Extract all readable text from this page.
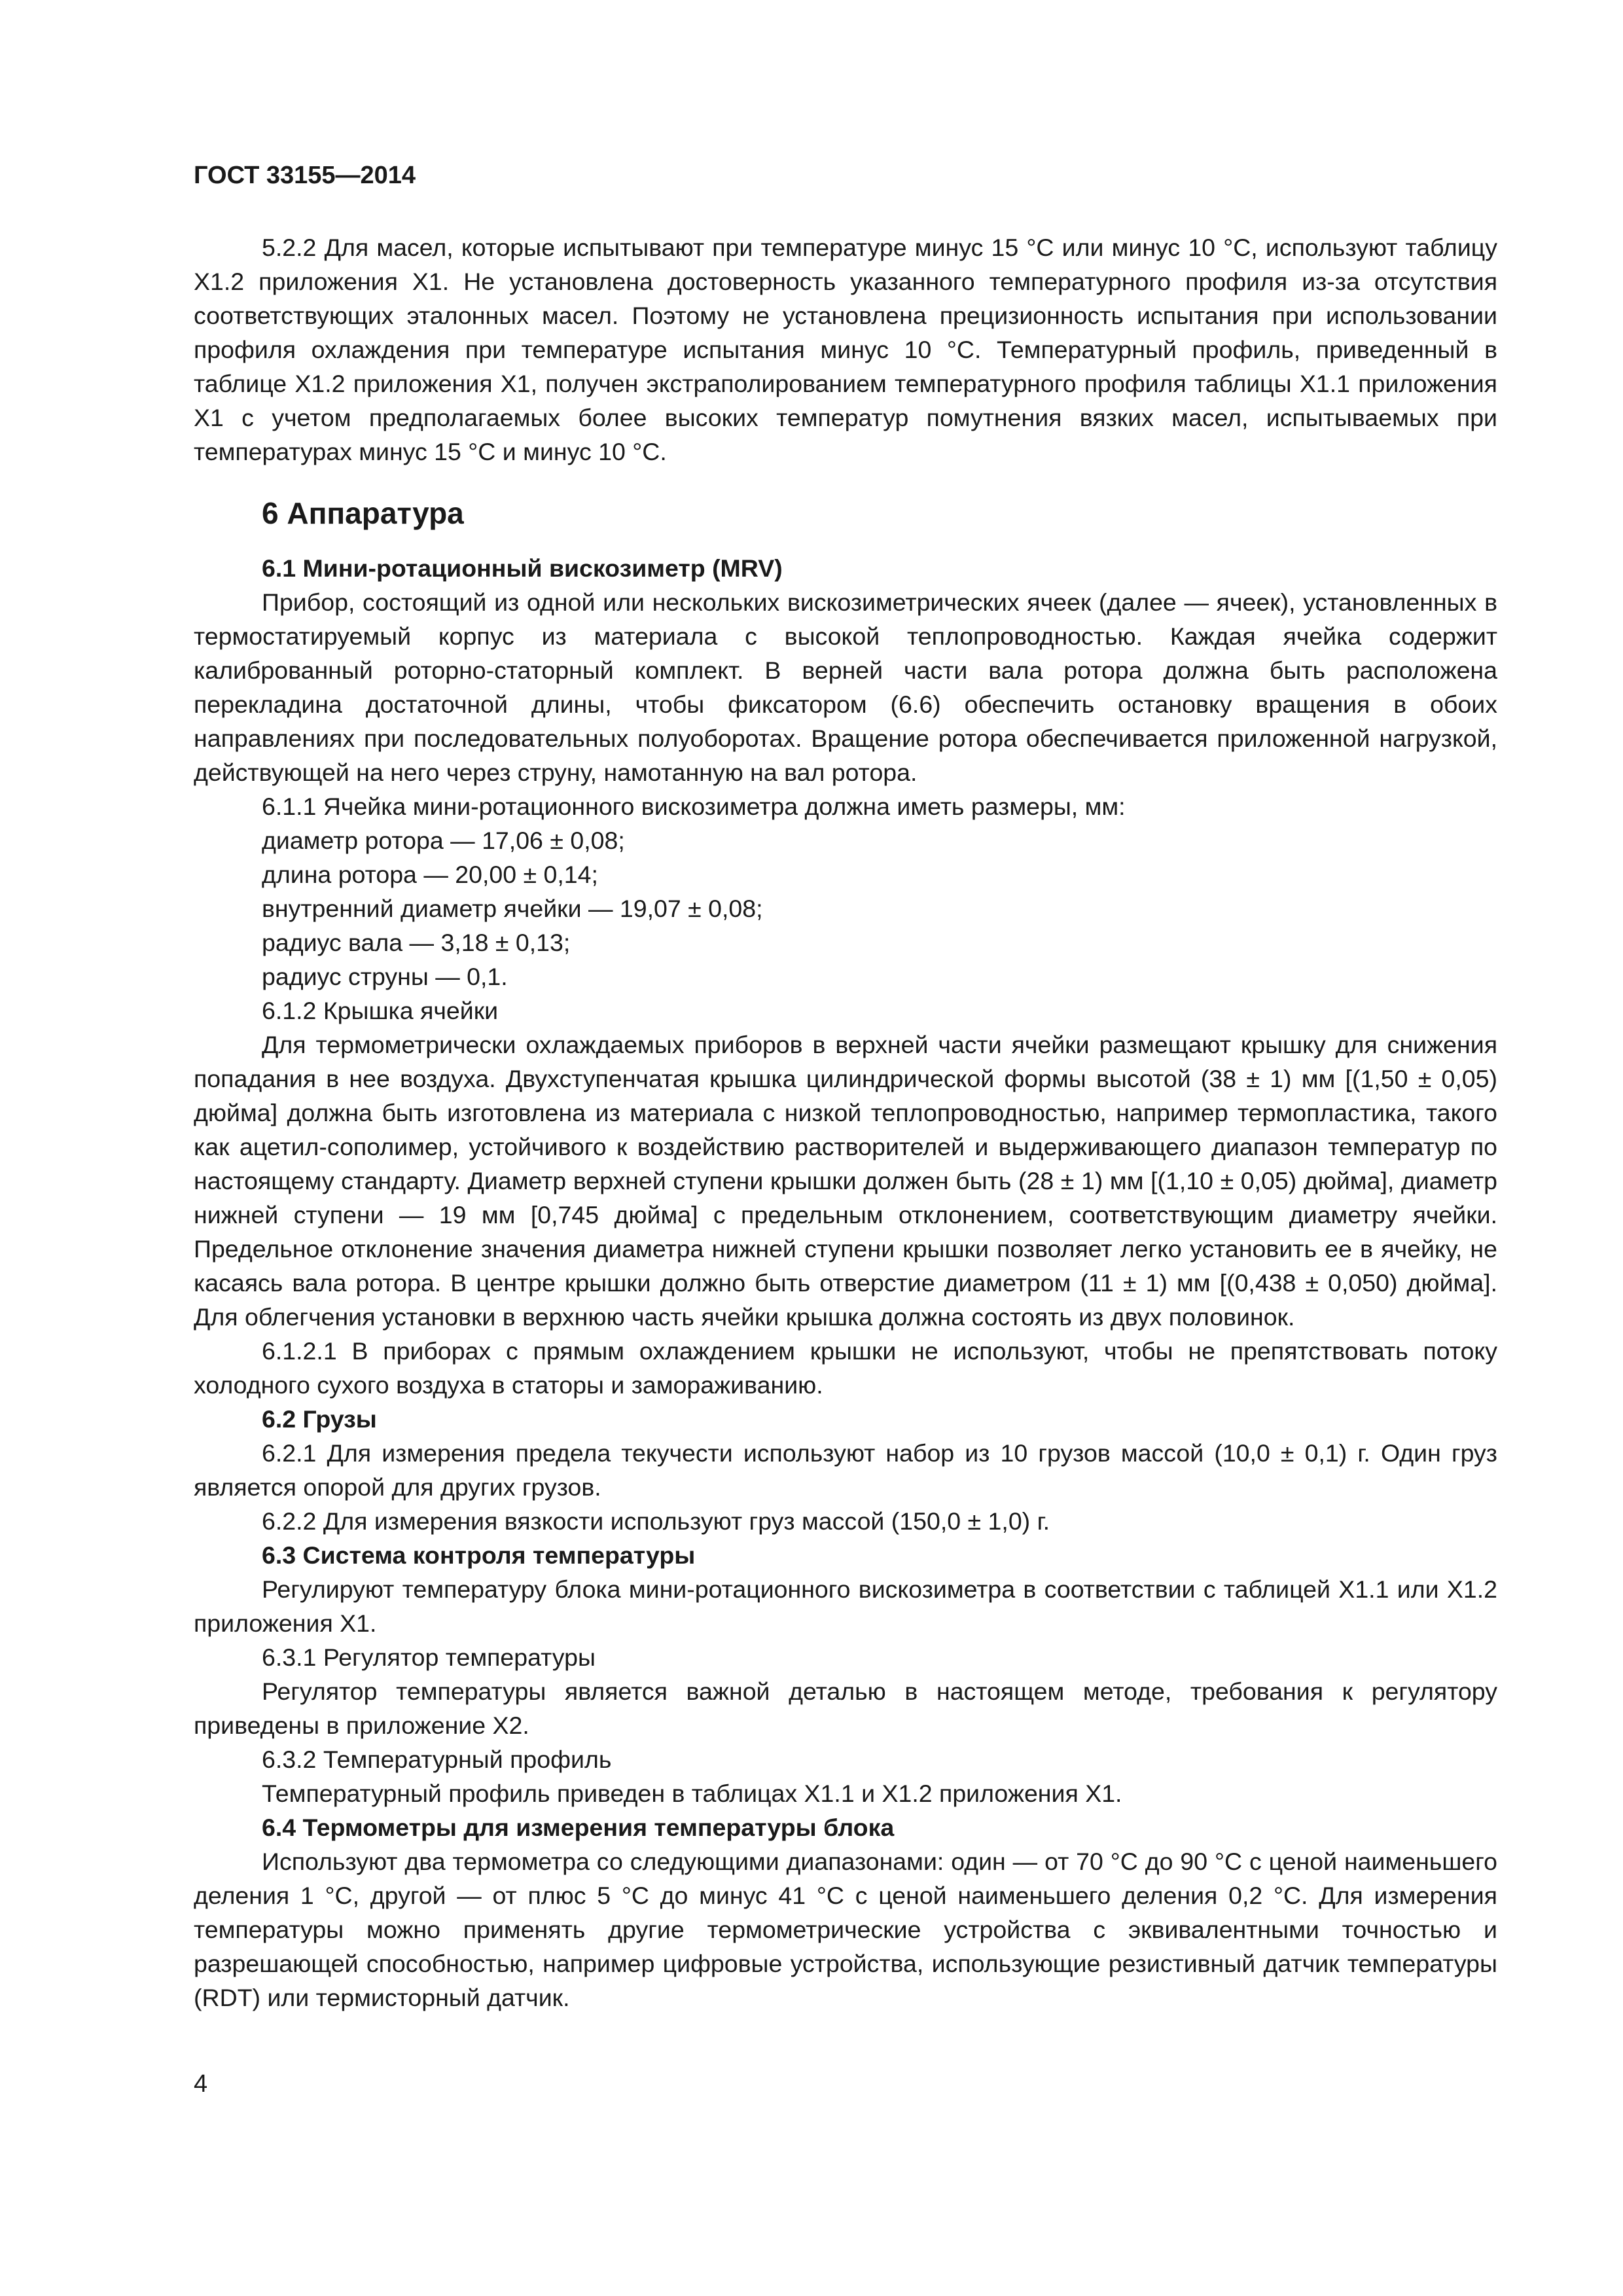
ГОСТ 33155—2014

5.2.2 Для масел, которые испытывают при температуре минус 15 °С или минус 10 °С, используют таблицу Х1.2 приложения Х1. Не установлена достоверность указанного температурного профиля из-за отсутствия соответствующих эталонных масел. Поэтому не установлена прецизионность испытания при использовании профиля охлаждения при температуре испытания минус 10 °С. Температурный профиль, приведенный в таблице Х1.2 приложения Х1, получен экстраполированием температурного профиля таблицы Х1.1 приложения Х1 с учетом предполагаемых более высоких температур помутнения вязких масел, испытываемых при температурах минус 15 °С и минус 10 °С.

6 Аппаратура

6.1 Мини-ротационный вискозиметр (MRV)

Прибор, состоящий из одной или нескольких вискозиметрических ячеек (далее — ячеек), установленных в термостатируемый корпус из материала с высокой теплопроводностью. Каждая ячейка содержит калиброванный роторно-статорный комплект. В верней части вала ротора должна быть расположена перекладина достаточной длины, чтобы фиксатором (6.6) обеспечить остановку вращения в обоих направлениях при последовательных полуоборотах. Вращение ротора обеспечивается приложенной нагрузкой, действующей на него через струну, намотанную на вал ротора.

6.1.1 Ячейка мини-ротационного вискозиметра должна иметь размеры, мм:

диаметр ротора — 17,06 ± 0,08;

длина ротора — 20,00 ± 0,14;

внутренний диаметр ячейки — 19,07 ± 0,08;

радиус вала — 3,18 ± 0,13;

радиус струны — 0,1.

6.1.2 Крышка ячейки

Для термометрически охлаждаемых приборов в верхней части ячейки размещают крышку для снижения попадания в нее воздуха. Двухступенчатая крышка цилиндрической формы высотой (38 ± 1) мм [(1,50 ± 0,05) дюйма] должна быть изготовлена из материала с низкой теплопроводностью, например термопластика, такого как ацетил-сополимер, устойчивого к воздействию растворителей и выдерживающего диапазон температур по настоящему стандарту. Диаметр верхней ступени крышки должен быть (28 ± 1) мм [(1,10 ± 0,05) дюйма], диаметр нижней ступени — 19 мм [0,745 дюйма] с предельным отклонением, соответствующим диаметру ячейки. Предельное отклонение значения диаметра нижней ступени крышки позволяет легко установить ее в ячейку, не касаясь вала ротора. В центре крышки должно быть отверстие диаметром (11 ± 1) мм [(0,438 ± 0,050) дюйма]. Для облегчения установки в верхнюю часть ячейки крышка должна состоять из двух половинок.

6.1.2.1 В приборах с прямым охлаждением крышки не используют, чтобы не препятствовать потоку холодного сухого воздуха в статоры и замораживанию.

6.2 Грузы

6.2.1 Для измерения предела текучести используют набор из 10 грузов массой (10,0 ± 0,1) г. Один груз является опорой для других грузов.

6.2.2 Для измерения вязкости используют груз массой (150,0 ± 1,0) г.

6.3 Система контроля температуры

Регулируют температуру блока мини-ротационного вискозиметра в соответствии с таблицей Х1.1 или Х1.2 приложения Х1.

6.3.1 Регулятор температуры

Регулятор температуры является важной деталью в настоящем методе, требования к регулятору приведены в приложение Х2.

6.3.2 Температурный профиль

Температурный профиль приведен в таблицах Х1.1 и Х1.2 приложения Х1.

6.4 Термометры для измерения температуры блока

Используют два термометра со следующими диапазонами: один — от 70 °С до 90 °С с ценой наименьшего деления 1 °С, другой — от плюс 5 °С до минус 41 °С с ценой наименьшего деления 0,2 °С. Для измерения температуры можно применять другие термометрические устройства с эквивалентными точностью и разрешающей способностью, например цифровые устройства, использующие резистивный датчик температуры (RDT) или термисторный датчик.

4
